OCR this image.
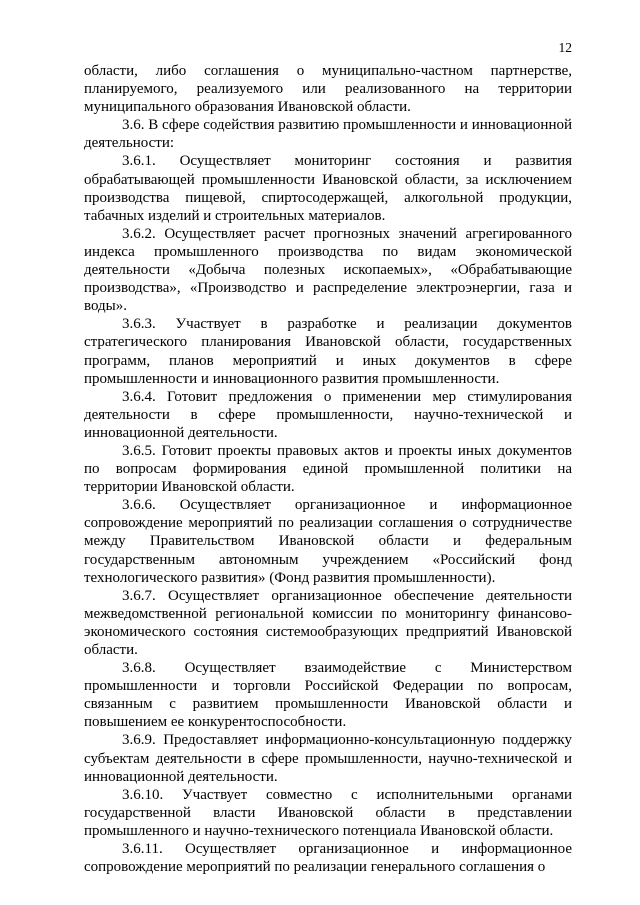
12

области, либо соглашения о муниципально-частном партнерстве, планируемого, реализуемого или реализованного на территории муниципального образования Ивановской области.

3.6. В сфере содействия развитию промышленности и инновационной деятельности:

3.6.1. Осуществляет мониторинг состояния и развития обрабатывающей промышленности Ивановской области, за исключением производства пищевой, спиртосодержащей, алкогольной продукции, табачных изделий и строительных материалов.

3.6.2. Осуществляет расчет прогнозных значений агрегированного индекса промышленного производства по видам экономической деятельности «Добыча полезных ископаемых», «Обрабатывающие производства», «Производство и распределение электроэнергии, газа и воды».

3.6.3. Участвует в разработке и реализации документов стратегического планирования Ивановской области, государственных программ, планов мероприятий и иных документов в сфере промышленности и инновационного развития промышленности.

3.6.4. Готовит предложения о применении мер стимулирования деятельности в сфере промышленности, научно-технической и инновационной деятельности.

3.6.5. Готовит проекты правовых актов и проекты иных документов по вопросам формирования единой промышленной политики на территории Ивановской области.

3.6.6. Осуществляет организационное и информационное сопровождение мероприятий по реализации соглашения о сотрудничестве между Правительством Ивановской области и федеральным государственным автономным учреждением «Российский фонд технологического развития» (Фонд развития промышленности).

3.6.7. Осуществляет организационное обеспечение деятельности межведомственной региональной комиссии по мониторингу финансово-экономического состояния системообразующих предприятий Ивановской области.

3.6.8. Осуществляет взаимодействие с Министерством промышленности и торговли Российской Федерации по вопросам, связанным с развитием промышленности Ивановской области и повышением ее конкурентоспособности.

3.6.9. Предоставляет информационно-консультационную поддержку субъектам деятельности в сфере промышленности, научно-технической и инновационной деятельности.

3.6.10. Участвует совместно с исполнительными органами государственной власти Ивановской области в представлении промышленного и научно-технического потенциала Ивановской области.

3.6.11. Осуществляет организационное и информационное сопровождение мероприятий по реализации генерального соглашения о
